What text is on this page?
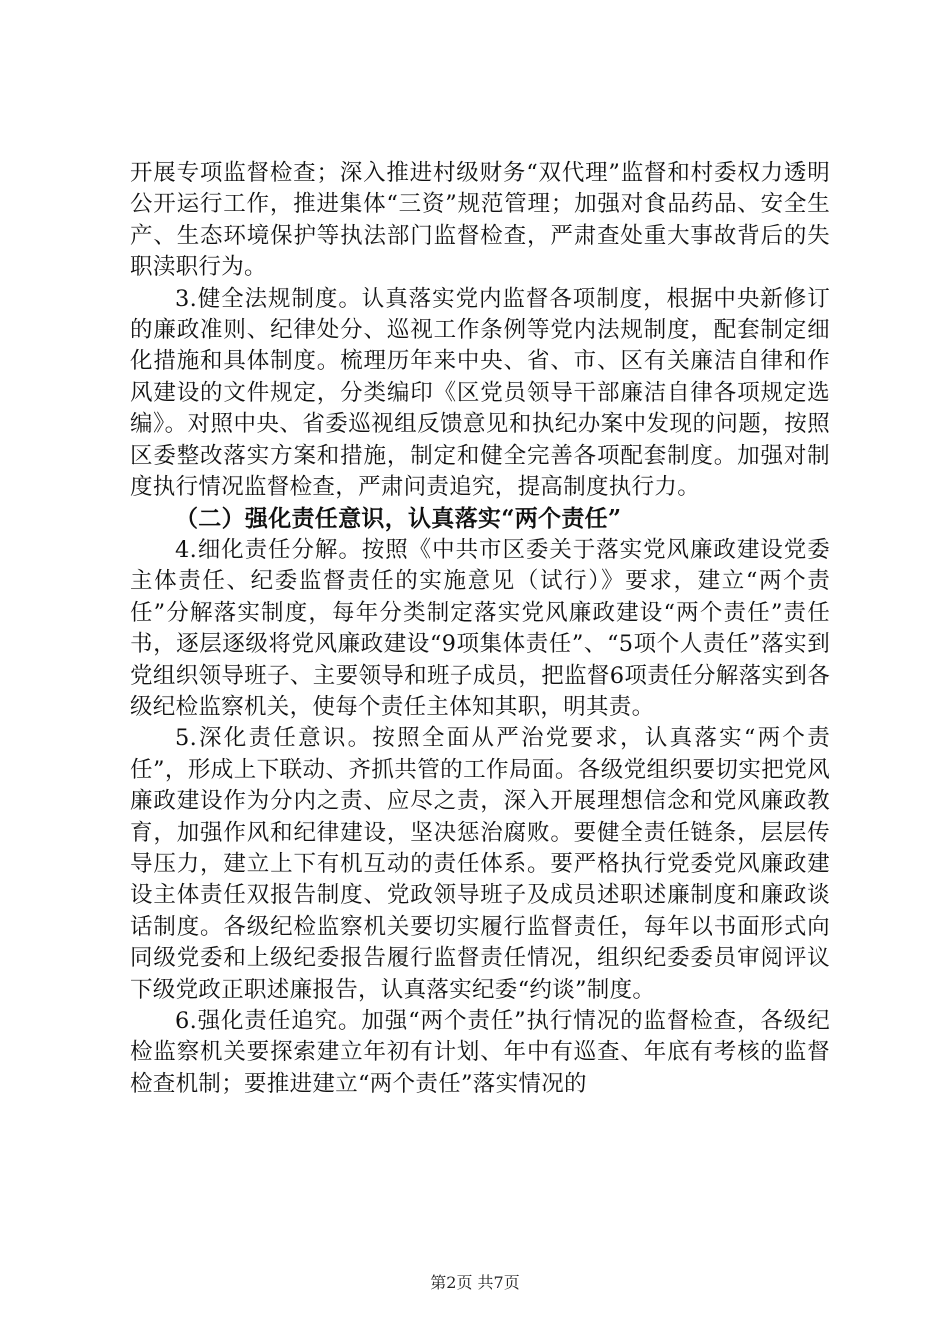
开展专项监督检查；深入推进村级财务“双代理”监督和村委权力透明公开运行工作，推进集体“三资”规范管理；加强对食品药品、安全生产、生态环境保护等执法部门监督检查，严肃查处重大事故背后的失职渎职行为。

3.健全法规制度。认真落实党内监督各项制度，根据中央新修订的廉政准则、纪律处分、巡视工作条例等党内法规制度，配套制定细化措施和具体制度。梳理历年来中央、省、市、区有关廉洁自律和作风建设的文件规定，分类编印《区党员领导干部廉洁自律各项规定选编》。对照中央、省委巡视组反馈意见和执纪办案中发现的问题，按照区委整改落实方案和措施，制定和健全完善各项配套制度。加强对制度执行情况监督检查，严肃问责追究，提高制度执行力。

（二）强化责任意识，认真落实“两个责任”

4.细化责任分解。按照《中共市区委关于落实党风廉政建设党委主体责任、纪委监督责任的实施意见（试行）》要求，建立“两个责任”分解落实制度，每年分类制定落实党风廉政建设“两个责任”责任书，逐层逐级将党风廉政建设“9项集体责任”、“5项个人责任”落实到党组织领导班子、主要领导和班子成员，把监督6项责任分解落实到各级纪检监察机关，使每个责任主体知其职，明其责。

5.深化责任意识。按照全面从严治党要求，认真落实“两个责任”，形成上下联动、齐抓共管的工作局面。各级党组织要切实把党风廉政建设作为分内之责、应尽之责，深入开展理想信念和党风廉政教育，加强作风和纪律建设，坚决惩治腐败。要健全责任链条，层层传导压力，建立上下有机互动的责任体系。要严格执行党委党风廉政建设主体责任双报告制度、党政领导班子及成员述职述廉制度和廉政谈话制度。各级纪检监察机关要切实履行监督责任，每年以书面形式向同级党委和上级纪委报告履行监督责任情况，组织纪委委员审阅评议下级党政正职述廉报告，认真落实纪委“约谈”制度。

6.强化责任追究。加强“两个责任”执行情况的监督检查，各级纪检监察机关要探索建立年初有计划、年中有巡查、年底有考核的监督检查机制；要推进建立“两个责任”落实情况的

第2页 共7页
